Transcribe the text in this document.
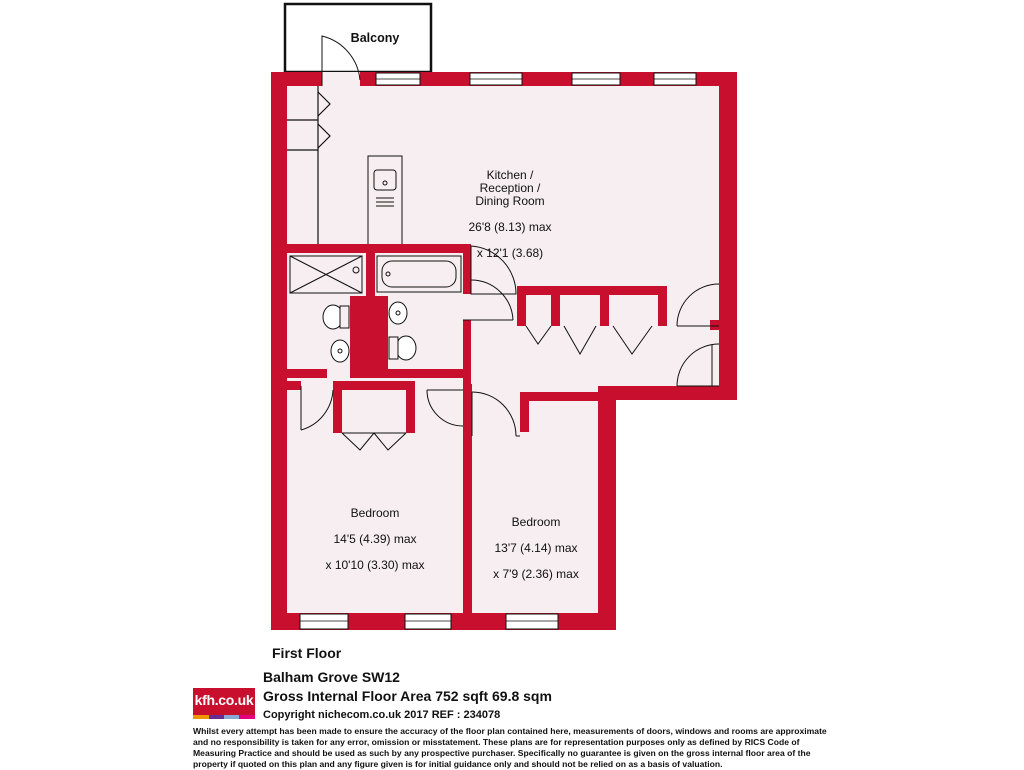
Balcony

Kitchen /
Reception /
Dining Room

26'8 (8.13) max

x 12'1 (3.68)

Bedroom

14'5 (4.39) max

x 10'10 (3.30) max

Bedroom

13'7 (4.14) max

x 7'9 (2.36) max

First Floor
kfh.co.uk
Balham Grove SW12
Gross Internal Floor Area 752 sqft 69.8 sqm
Copyright nichecom.co.uk 2017 REF : 234078
Whilst every attempt has been made to ensure the accuracy of the floor plan contained here, measurements of doors, windows and rooms are approximate and no responsibility is taken for any error, omission or misstatement. These plans are for representation purposes only as defined by RICS Code of Measuring Practice and should be used as such by any prospective purchaser. Specifically no guarantee is given on the gross internal floor area of the property if quoted on this plan and any figure given is for initial guidance only and should not be relied on as a basis of valuation.
